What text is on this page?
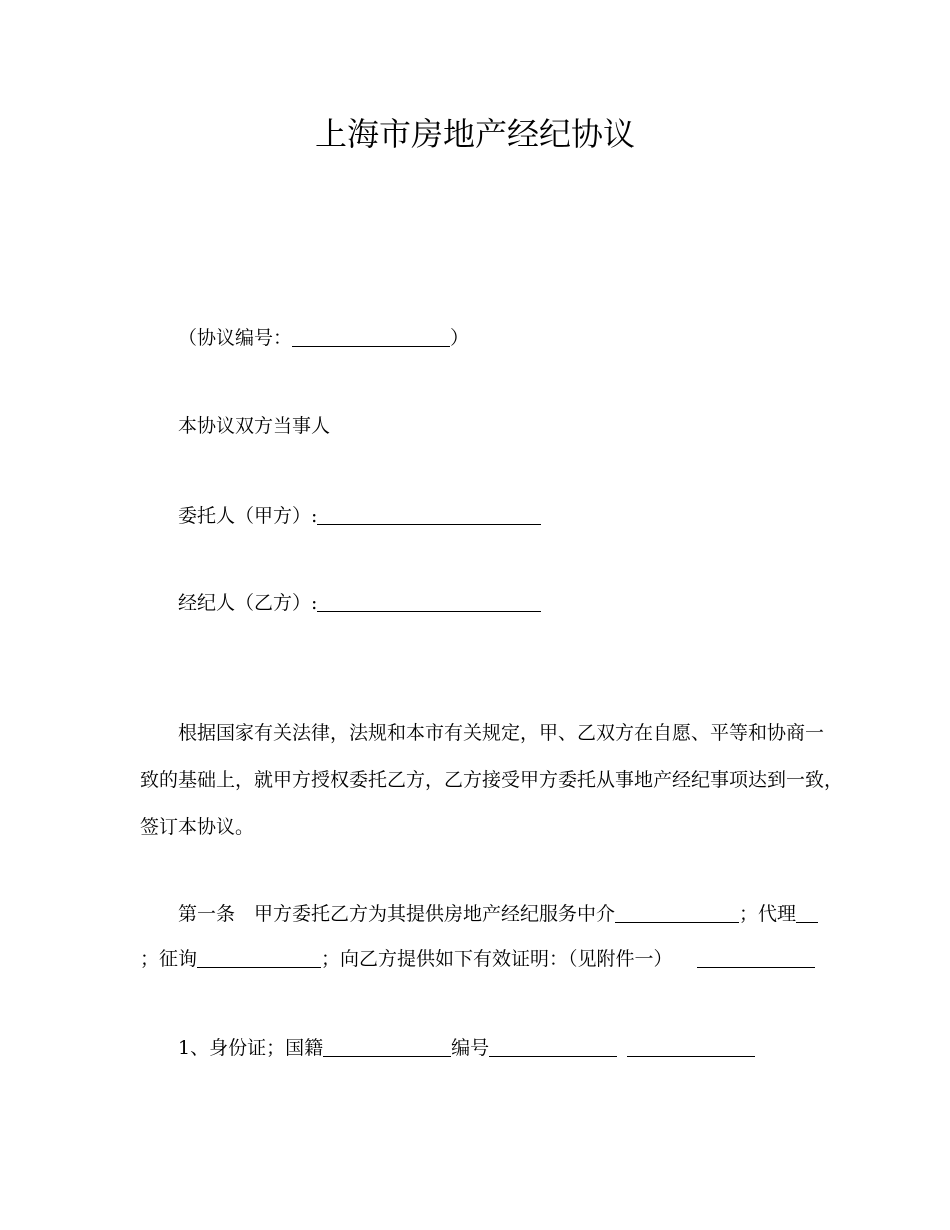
上海市房地产经纪协议

（协议编号：	）

本协议双方当事人

委托人（甲方）:

经纪人（乙方）:

根据国家有关法律，法规和本市有关规定，甲、乙双方在自愿、平等和协商一

致的基础上，就甲方授权委托乙方，乙方接受甲方委托从事地产经纪事项达到一致，

签订本协议。

第一条　甲方委托乙方为其提供房地产经纪服务中介	；代理

；征询	；向乙方提供如下有效证明：（见附件一）

1、身份证；国籍	编号
